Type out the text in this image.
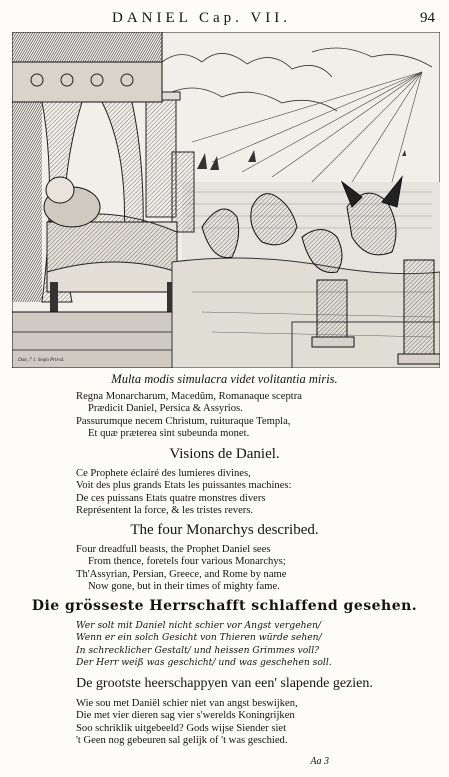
DANIEL Cap. VII.	94
Dan. 7 1. Seqm Prtrvd.
Multa modis simulacra videt volitantia miris.
Regna Monarcharum, Macedûm, Romanaque sceptra
Prædicit Daniel, Persica & Assyrios.
Passurumque necem Christum, ruituraque Templa,
Et quæ præterea sint subeunda monet.
Visions de Daniel.
Ce Prophete éclairé des lumieres divines,
Voit des plus grands Etats les puissantes machines:
De ces puissans Etats quatre monstres divers
Représentent la force, & les tristes revers.
The four Monarchys described.
Four dreadfull beasts, the Prophet Daniel sees
From thence, foretels four various Monarchys;
Th'Assyrian, Persian, Greece, and Rome by name
Now gone, but in their times of mighty fame.
Die grösseste Herrschafft schlaffend gesehen.
Wer solt mit Daniel nicht schier vor Angst vergehen/
Wenn er ein solch Gesicht von Thieren würde sehen/
In schrecklicher Gestalt/ und heissen Grimmes voll?
Der Herr weiß was geschicht/ und was geschehen soll.
De grootste heerschappyen van een' slapende gezien.
Wie sou met Daniël schier niet van angst beswijken,
Die met vier dieren sag vier s'werelds Koningrijken
Soo schriklik uitgebeeld? Gods wijse Siender siet
't Geen nog gebeuren sal gelijk of 't was geschied.
Aa 3
